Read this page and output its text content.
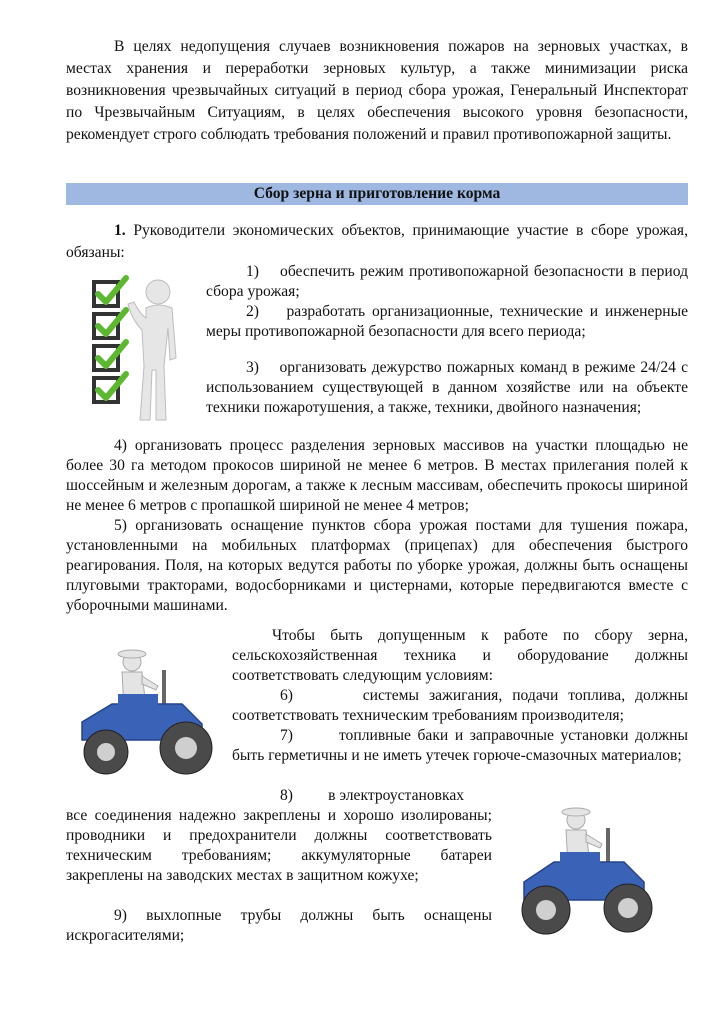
В целях недопущения случаев возникновения пожаров на зерновых участках, в местах хранения и переработки зерновых культур, а также минимизации риска возникновения чрезвычайных ситуаций в период сбора урожая, Генеральный Инспекторат по Чрезвычайным Ситуациям, в целях обеспечения высокого уровня безопасности, рекомендует строго соблюдать требования положений и правил противопожарной защиты.

Сбор зерна и приготовление корма

1. Руководители экономических объектов, принимающие участие в сборе урожая, обязаны:

1) обеспечить режим противопожарной безопасности в период сбора урожая;

2) разработать организационные, технические и инженерные меры противопожарной безопасности для всего периода;

3) организовать дежурство пожарных команд в режиме 24/24 с использованием существующей в данном хозяйстве или на объекте техники пожаротушения, а также, техники, двойного назначения;

4) организовать процесс разделения зерновых массивов на участки площадью не более 30 га методом прокосов шириной не менее 6 метров. В местах прилегания полей к шоссейным и железным дорогам, а также к лесным массивам, обеспечить прокосы шириной не менее 6 метров с пропашкой шириной не менее 4 метров;

5) организовать оснащение пунктов сбора урожая постами для тушения пожара, установленными на мобильных платформах (прицепах) для обеспечения быстрого реагирования. Поля, на которых ведутся работы по уборке урожая, должны быть оснащены плуговыми тракторами, водосборниками и цистернами, которые передвигаются вместе с уборочными машинами.

Чтобы быть допущенным к работе по сбору зерна, сельскохозяйственная техника и оборудование должны соответствовать следующим условиям:

6)	системы зажигания, подачи топлива, должны соответствовать техническим требованиям производителя;

7)	топливные баки и заправочные установки должны быть герметичны и не иметь утечек горюче-смазочных материалов;

8) в электроустановках

все соединения надежно закреплены и хорошо изолированы; проводники и предохранители должны соответствовать техническим требованиям; аккумуляторные батареи закреплены на заводских местах в защитном кожухе;

9) выхлопные трубы должны быть оснащены искрогасителями;
